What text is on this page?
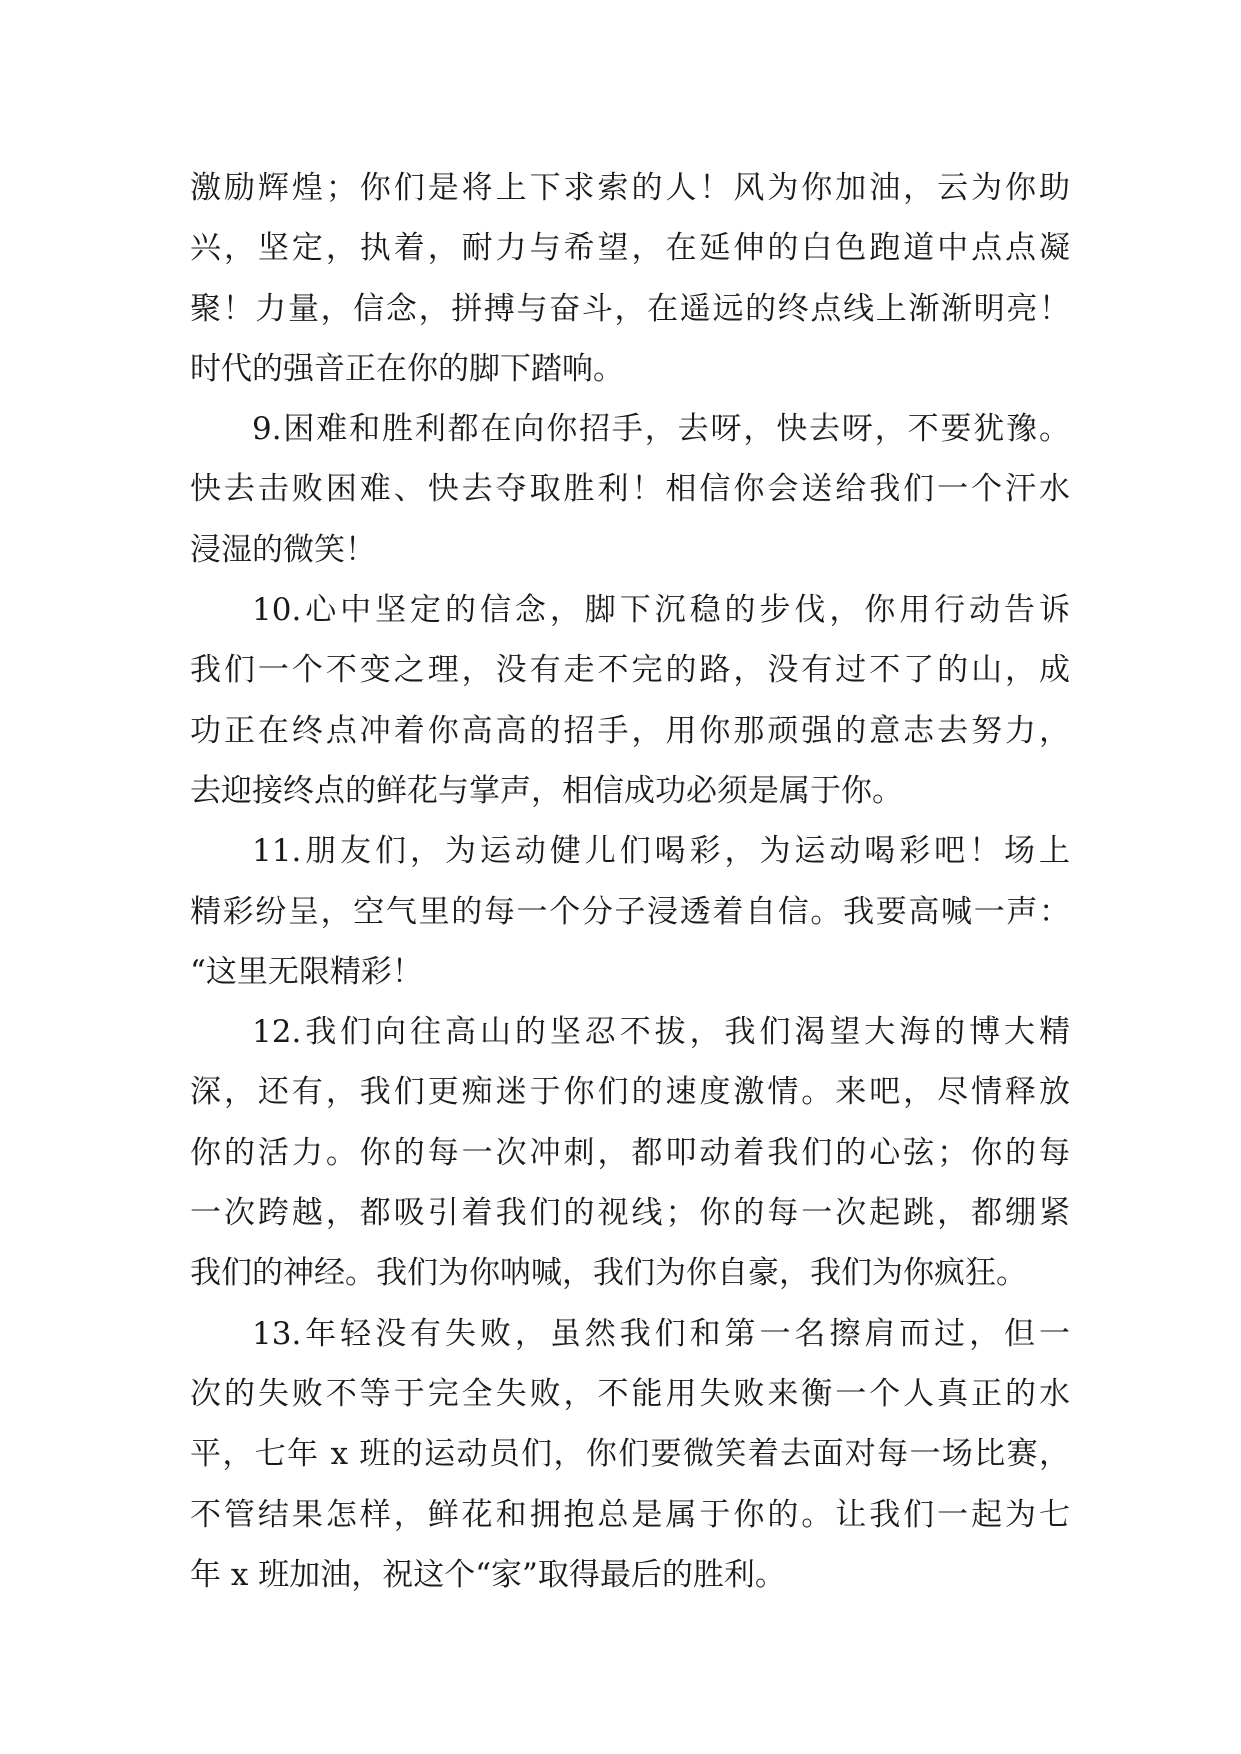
激励辉煌；你们是将上下求索的人！风为你加油，云为你助
兴，坚定，执着，耐力与希望，在延伸的白色跑道中点点凝
聚！力量，信念，拼搏与奋斗，在遥远的终点线上渐渐明亮！
时代的强音正在你的脚下踏响。
9.困难和胜利都在向你招手，去呀，快去呀，不要犹豫。
快去击败困难、快去夺取胜利！相信你会送给我们一个汗水
浸湿的微笑！
10.心中坚定的信念，脚下沉稳的步伐，你用行动告诉
我们一个不变之理，没有走不完的路，没有过不了的山，成
功正在终点冲着你高高的招手，用你那顽强的意志去努力，
去迎接终点的鲜花与掌声，相信成功必须是属于你。
11.朋友们，为运动健儿们喝彩，为运动喝彩吧！场上
精彩纷呈，空气里的每一个分子浸透着自信。我要高喊一声：
“这里无限精彩！
12.我们向往高山的坚忍不拔，我们渴望大海的博大精
深，还有，我们更痴迷于你们的速度激情。来吧，尽情释放
你的活力。你的每一次冲刺，都叩动着我们的心弦；你的每
一次跨越，都吸引着我们的视线；你的每一次起跳，都绷紧
我们的神经。我们为你呐喊，我们为你自豪，我们为你疯狂。
13.年轻没有失败，虽然我们和第一名擦肩而过，但一
次的失败不等于完全失败，不能用失败来衡一个人真正的水
平，七年 x 班的运动员们，你们要微笑着去面对每一场比赛，
不管结果怎样，鲜花和拥抱总是属于你的。让我们一起为七
年 x 班加油，祝这个“家”取得最后的胜利。
